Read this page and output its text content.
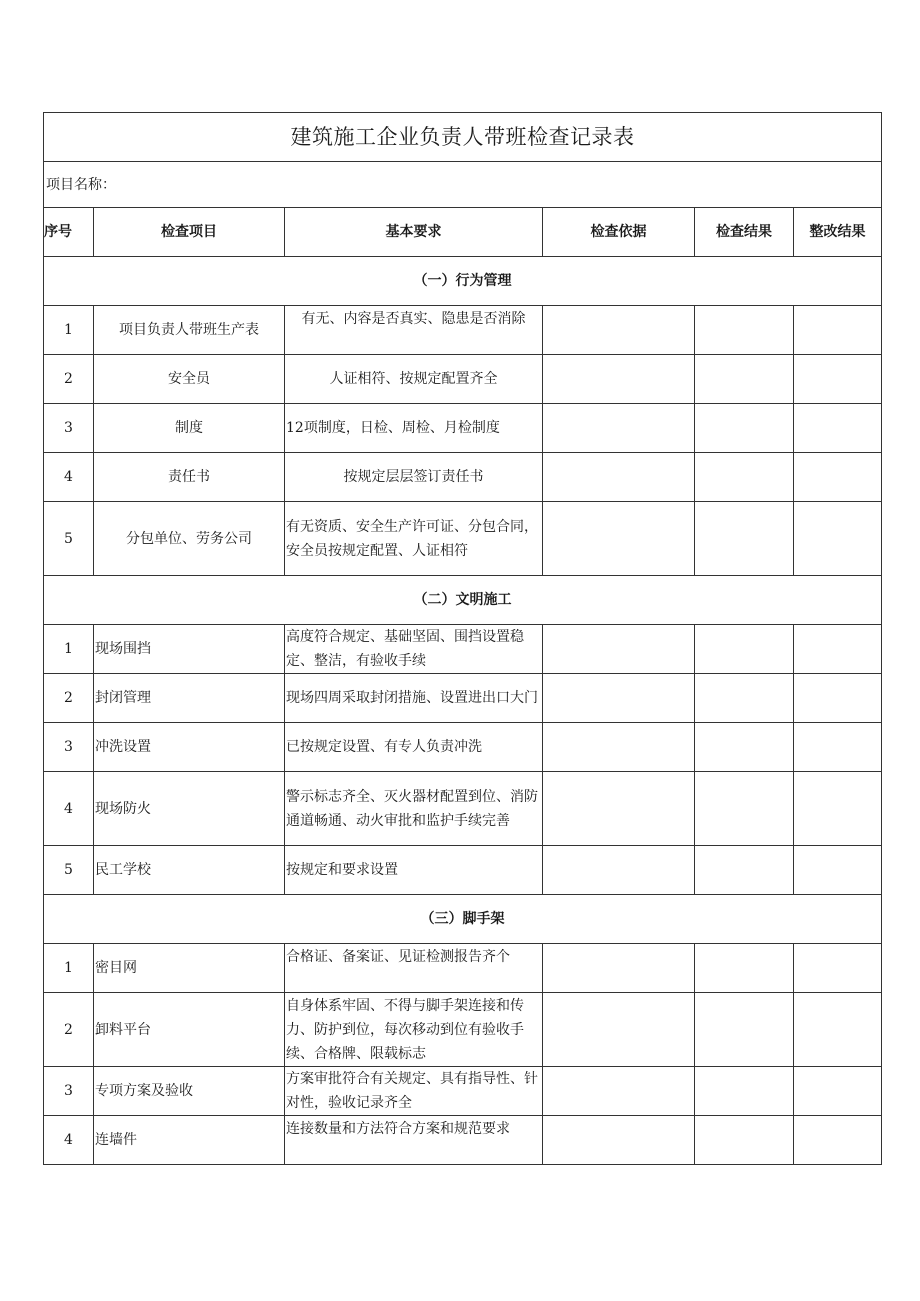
建筑施工企业负责人带班检查记录表					
项目名称：					
序号	检查项目	基本要求	检查依据	检查结果	整改结果
（一）行为管理					
1	项目负责人带班生产表	有无、内容是否真实、隐患是否消除			
2	安全员	人证相符、按规定配置齐全			
3	制度	12项制度，日检、周检、月检制度			
4	责任书	按规定层层签订责任书			
5	分包单位、劳务公司	有无资质、安全生产许可证、分包合同，安全员按规定配置、人证相符			
（二）文明施工					
1	现场围挡	高度符合规定、基础坚固、围挡设置稳定、整洁，有验收手续			
2	封闭管理	现场四周采取封闭措施、设置进出口大门			
3	冲洗设置	已按规定设置、有专人负责冲洗			
4	现场防火	警示标志齐全、灭火器材配置到位、消防通道畅通、动火审批和监护手续完善			
5	民工学校	按规定和要求设置			
（三）脚手架					
1	密目网	合格证、备案证、见证检测报告齐个			
2	卸料平台	自身体系牢固、不得与脚手架连接和传力、防护到位，每次移动到位有验收手续、合格牌、限载标志			
3	专项方案及验收	方案审批符合有关规定、具有指导性、针对性，验收记录齐全			
4	连墙件	连接数量和方法符合方案和规范要求			
